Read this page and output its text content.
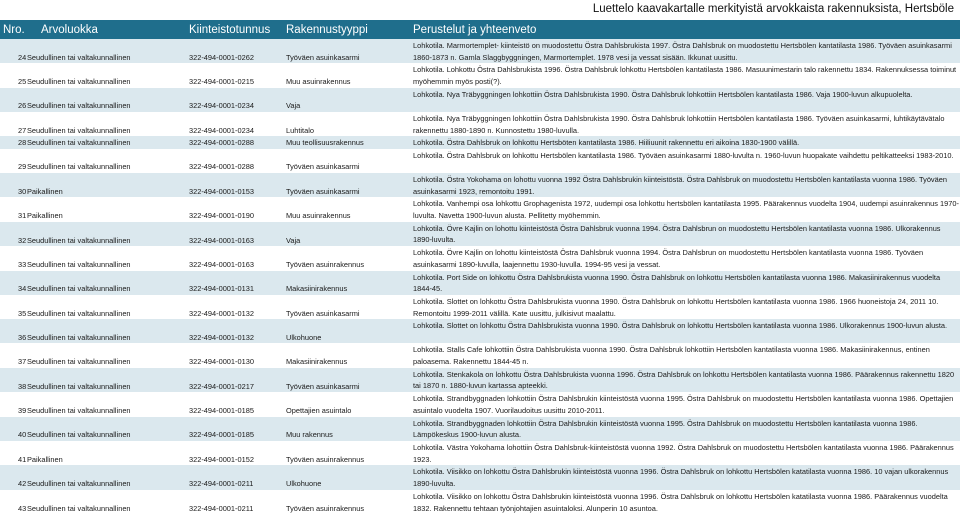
Luettelo kaavakartalle merkityistä arvokkaista rakennuksista, Hertsböle
Nro.	Arvoluokka	Kiinteistotunnus	Rakennustyyppi	Perustelut ja yhteenveto
24	Seudullinen tai valtakunnallinen	322-494-0001-0262	Työväen asuinkasarmi	Lohkotila. Marmortemplet- kiinteistö on muodostettu Östra Dahlsbrukista 1997. Östra Dahlsbruk on muodostettu Hertsbölen kantatilasta 1986. Työväen asuinkasarmi 1860-1873 n. Gamla Slaggbyggningen, Marmortemplet. 1978 vesi ja vessat sisään. Ikkunat uusittu.
25	Seudullinen tai valtakunnallinen	322-494-0001-0215	Muu asuinrakennus	Lohkotila. Lohkottu Östra Dahlsbrukista 1996. Östra Dahlsbruk lohkottu Hertsbölen kantatilasta 1986. Masuunimestarin talo rakennettu 1834. Rakennuksessa toiminut myöhemmin myös posti(?).
26	Seudullinen tai valtakunnallinen	322-494-0001-0234	Vaja	Lohkotila. Nya Träbyggningen lohkottiin Östra Dahlsbrukista 1990. Östra Dahlsbruk lohkottiin Hertsbölen kantatilasta 1986. Vaja 1900-luvun alkupuolelta.
27	Seudullinen tai valtakunnallinen	322-494-0001-0234	Luhtitalo	Lohkotila. Nya Träbyggningen lohkottiin Östra Dahlsbrukista 1990. Östra Dahlsbruk lohkottiin Hertsbölen kantatilasta 1986. Työväen asuinkasarmi, luhtikäytävätalo rakennettu 1880-1890 n. Kunnostettu 1980-luvulla.
28	Seudullinen tai valtakunnallinen	322-494-0001-0288	Muu teollisuusrakennus	Lohkotila. Östra Dahlsbruk on lohkottu Hertsböten kantatilasta 1986. Hiiliuunit rakennettu eri aikoina 1830-1900 välillä.
29	Seudullinen tai valtakunnallinen	322-494-0001-0288	Työväen asuinkasarmi	Lohkotila. Östra Dahlsbruk on lohkottu Hertsbölen kantatilasta 1986. Työväen asuinkasarmi 1880-luvulta n. 1960-luvun huopakate vaihdettu peltikatteeksi 1983-2010.
30	Paikallinen	322-494-0001-0153	Työväen asuinkasarmi	Lohkotila. Östra Yokohama on lohottu vuonna 1992 Östra Dahlsbrukin kiinteistöstä. Östra Dahlsbruk on muodostettu Hertsbölen kantatilasta vuonna 1986. Työväen asuinkasarmi 1923, remontoitu 1991.
31	Paikallinen	322-494-0001-0190	Muu asuinrakennus	Lohkotila. Vanhempi osa lohkottu Grophagenista 1972, uudempi osa lohkottu hertsbölen kantatilasta 1995. Päärakennus vuodelta 1904, uudempi asuinrakennus 1970-luvulta. Navetta 1900-luvun alusta. Pellitetty myöhemmin.
32	Seudullinen tai valtakunnallinen	322-494-0001-0163	Vaja	Lohkotila. Övre Kajlin on lohottu kiinteistöstä Östra Dahlsbruk vuonna 1994. Östra Dahlsbrun on muodostettu Hertsbölen kantatilasta vuonna 1986. Ulkorakennus 1890-luvulta.
33	Seudullinen tai valtakunnallinen	322-494-0001-0163	Työväen asuinrakennus	Lohkotila. Övre Kajlin on lohottu kiinteistöstä Östra Dahlsbruk vuonna 1994. Östra Dahlsbrun on muodostettu Hertsbölen kantatilasta vuonna 1986. Työväen asuinkasarmi 1890-luvulla, laajennettu 1930-luvulla. 1994-95 vesi ja vessat.
34	Seudullinen tai valtakunnallinen	322-494-0001-0131	Makasiinirakennus	Lohkotila. Port Side on lohkottu Östra Dahlsbrukista vuonna 1990. Östra Dahlsbruk on lohkottu Hertsbölen kantatilasta vuonna 1986. Makasiinirakennus vuodelta 1844-45.
35	Seudullinen tai valtakunnallinen	322-494-0001-0132	Työväen asuinkasarmi	Lohkotila. Slottet on lohkottu Östra Dahlsbrukista vuonna 1990. Östra Dahlsbruk on lohkottu Hertsbölen kantatilasta vuonna 1986. 1966 huoneistoja 24, 2011 10. Remontoitu 1999-2011 välillä. Kate uusittu, julkisivut maalattu.
36	Seudullinen tai valtakunnallinen	322-494-0001-0132	Ulkohuone	Lohkotila. Slottet on lohkottu Östra Dahlsbrukista vuonna 1990. Östra Dahlsbruk on lohkottu Hertsbölen kantatilasta vuonna 1986. Ulkorakennus 1900-luvun alusta.
37	Seudullinen tai valtakunnallinen	322-494-0001-0130	Makasiinirakennus	Lohkotila. Stalls Cafe lohkottiin Östra Dahlsbrukista vuonna 1990. Östra Dahlsbruk lohkottiin Hertsbölen kantatilasta vuonna 1986. Makasiinirakennus, entinen paloasema. Rakennettu 1844-45 n.
38	Seudullinen tai valtakunnallinen	322-494-0001-0217	Työväen asuinkasarmi	Lohkotila. Stenkakola on lohkottu Östra Dahlsbrukista vuonna 1996. Östra Dahlsbruk on lohkottu Hertsbölen kantatilasta vuonna 1986. Päärakennus rakennettu 1820 tai 1870 n. 1880-luvun kartassa apteekki.
39	Seudullinen tai valtakunnallinen	322-494-0001-0185	Opettajien asuintalo	Lohkotila. Strandbyggnaden lohkottiin Östra Dahlsbrukin kiinteistöstä vuonna 1995. Östra Dahlsbruk on muodostettu Hertsbölen kantatilasta vuonna 1986. Opettajien asuintalo vuodelta 1907. Vuorilaudoitus uusittu 2010-2011.
40	Seudullinen tai valtakunnallinen	322-494-0001-0185	Muu rakennus	Lohkotila. Strandbyggnaden lohkottiin Östra Dahlsbrukin kiinteistöstä vuonna 1995. Östra Dahlsbruk on muodostettu Hertsbölen kantatilasta vuonna 1986. Lämpökeskus 1900-luvun alusta.
41	Paikallinen	322-494-0001-0152	Työväen asuinrakennus	Lohkotila. Västra Yokohama lohottiin Östra Dahlsbruk-kiinteistöstä vuonna 1992. Östra Dahlsbruk on muodostettu Hertsbölen kantatilasta vuonna 1986. Päärakennus 1923.
42	Seudullinen tai valtakunnallinen	322-494-0001-0211	Ulkohuone	Lohkotila. Viisikko on lohkottu Östra Dahlsbrukin kiinteistöstä vuonna 1996. Östra Dahlsbruk on lohkottu Hertsbölen katatilasta vuonna 1986. 10 vajan ulkorakennus 1890-luvulta.
43	Seudullinen tai valtakunnallinen	322-494-0001-0211	Työväen asuinrakennus	Lohkotila. Viisikko on lohkottu Östra Dahlsbrukin kiinteistöstä vuonna 1996. Östra Dahlsbruk on lohkottu Hertsbölen katatilasta vuonna 1986. Päärakennus vuodelta 1832. Rakennettu tehtaan työnjohtajien asuintaloksi. Alunperin 10 asuntoa.
